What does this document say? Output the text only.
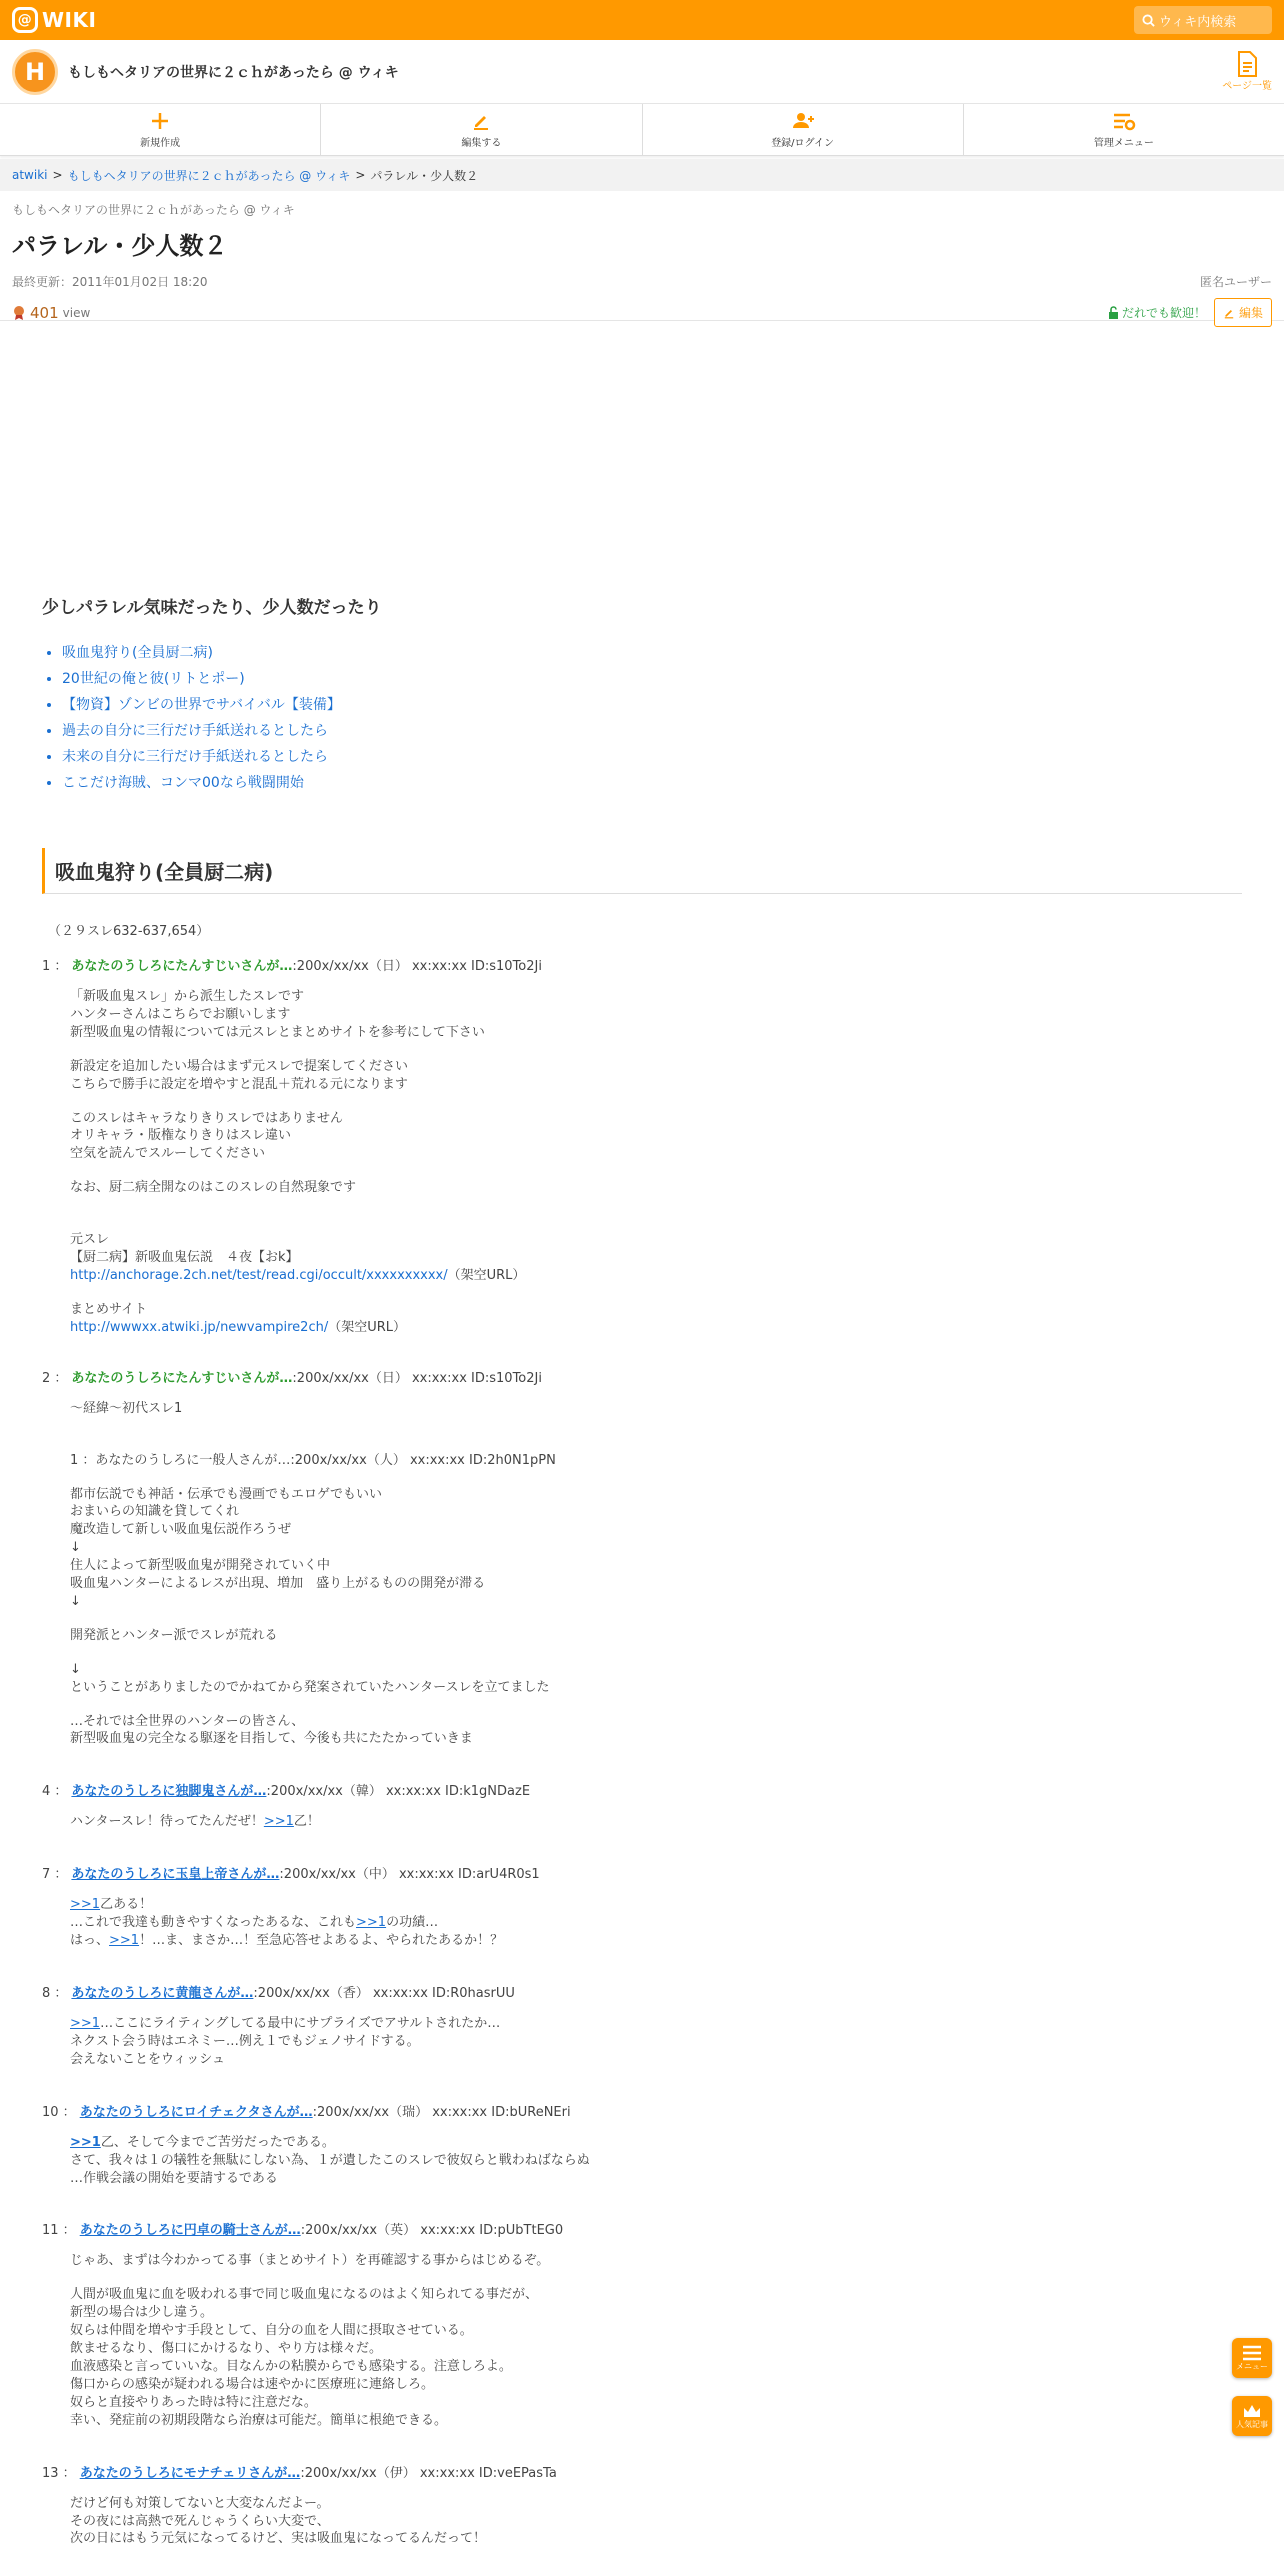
@ WIKI	ウィキ内検索
H	もしもヘタリアの世界に２ｃｈがあったら @ ウィキ
ページ一覧
新規作成	編集する	登録/ログイン	管理メニュー
atwiki > もしもヘタリアの世界に２ｃｈがあったら @ ウィキ > パラレル・少人数２
もしもヘタリアの世界に２ｃｈがあったら @ ウィキ
パラレル・少人数２
最終更新：2011年01月02日 18:20	匿名ユーザー
401 view	だれでも歓迎！	編集
少しパラレル気味だったり、少人数だったり
• 吸血鬼狩り(全員厨二病)
• 20世紀の俺と彼(リトとポー)
• 【物資】ゾンビの世界でサバイバル【装備】
• 過去の自分に三行だけ手紙送れるとしたら
• 未来の自分に三行だけ手紙送れるとしたら
• ここだけ海賊、コンマ00なら戦闘開始
吸血鬼狩り(全員厨二病)
（２９スレ632-637,654）
1 ： あなたのうしろにたんすじいさんが…:200x/xx/xx（日） xx:xx:xx ID:s10To2Ji
「新吸血鬼スレ」から派生したスレです
ハンターさんはこちらでお願いします
新型吸血鬼の情報については元スレとまとめサイトを参考にして下さい
新設定を追加したい場合はまず元スレで提案してください
こちらで勝手に設定を増やすと混乱＋荒れる元になります
このスレはキャラなりきりスレではありません
オリキャラ・版権なりきりはスレ違い
空気を読んでスルーしてください
なお、厨二病全開なのはこのスレの自然現象です
元スレ
【厨二病】新吸血鬼伝説　４夜【おk】
http://anchorage.2ch.net/test/read.cgi/occult/xxxxxxxxxx/（架空URL）
まとめサイト
http://wwwxx.atwiki.jp/newvampire2ch/（架空URL）
2 ： あなたのうしろにたんすじいさんが…:200x/xx/xx（日） xx:xx:xx ID:s10To2Ji
～経緯～初代スレ1
1 ：あなたのうしろに一般人さんが…:200x/xx/xx（人） xx:xx:xx ID:2h0N1pPN
都市伝説でも神話・伝承でも漫画でもエロゲでもいい
おまいらの知識を貸してくれ
魔改造して新しい吸血鬼伝説作ろうぜ
↓
住人によって新型吸血鬼が開発されていく中
吸血鬼ハンターによるレスが出現、増加　盛り上がるものの開発が滞る
↓
開発派とハンター派でスレが荒れる
↓
ということがありましたのでかねてから発案されていたハンタースレを立てました
…それでは全世界のハンターの皆さん、
新型吸血鬼の完全なる駆逐を目指して、今後も共にたたかっていきま
4 ： あなたのうしろに独脚鬼さんが…:200x/xx/xx（韓） xx:xx:xx ID:k1gNDazE
ハンタースレ！待ってたんだぜ！>>1乙！
7 ： あなたのうしろに玉皇上帝さんが…:200x/xx/xx（中） xx:xx:xx ID:arU4R0s1
>>1乙ある！
…これで我達も動きやすくなったあるな、これも>>1の功績…
はっ、>>1！…ま、まさか…！至急応答せよあるよ、やられたあるか！？
8 ： あなたのうしろに黄龍さんが…:200x/xx/xx（香） xx:xx:xx ID:R0hasrUU
>>1…ここにライティングしてる最中にサプライズでアサルトされたか…
ネクスト会う時はエネミー…例え１でもジェノサイドする。
会えないことをウィッシュ
10 ： あなたのうしろにロイチェクタさんが…:200x/xx/xx（瑞） xx:xx:xx ID:bUReNEri
>>1乙、そして今までご苦労だったである。
さて、我々は１の犠牲を無駄にしない為、１が遺したこのスレで彼奴らと戦わねばならぬ
…作戦会議の開始を要請するである
11 ： あなたのうしろに円卓の騎士さんが…:200x/xx/xx（英） xx:xx:xx ID:pUbTtEG0
じゃあ、まずは今わかってる事（まとめサイト）を再確認する事からはじめるぞ。
人間が吸血鬼に血を吸われる事で同じ吸血鬼になるのはよく知られてる事だが、
新型の場合は少し違う。
奴らは仲間を増やす手段として、自分の血を人間に摂取させている。
飲ませるなり、傷口にかけるなり、やり方は様々だ。
血液感染と言っていいな。目なんかの粘膜からでも感染する。注意しろよ。
傷口からの感染が疑われる場合は速やかに医療班に連絡しろ。
奴らと直接やりあった時は特に注意だな。
幸い、発症前の初期段階なら治療は可能だ。簡単に根絶できる。
13 ： あなたのうしろにモナチェリさんが…:200x/xx/xx（伊） xx:xx:xx ID:veEPasTa
だけど何も対策してないと大変なんだよー。
その夜には高熱で死んじゃうくらい大変で、
次の日にはもう元気になってるけど、実は吸血鬼になってるんだって！
メニュー
人気記事
